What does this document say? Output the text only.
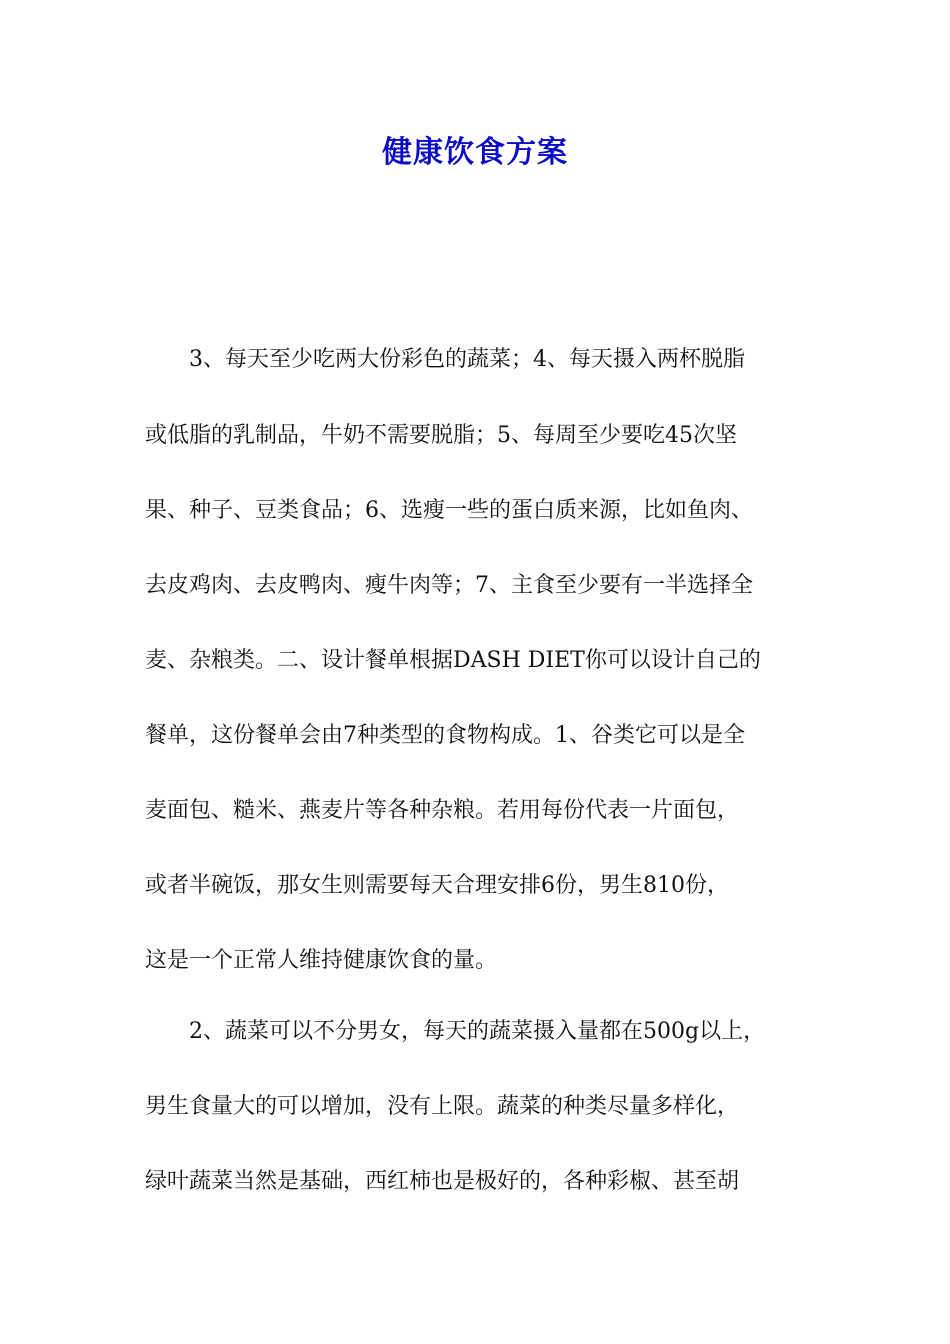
健康饮食方案
　　3、每天至少吃两大份彩色的蔬菜；4、每天摄入两杯脱脂
或低脂的乳制品，牛奶不需要脱脂；5、每周至少要吃45次坚
果、种子、豆类食品；6、选瘦一些的蛋白质来源，比如鱼肉、
去皮鸡肉、去皮鸭肉、瘦牛肉等；7、主食至少要有一半选择全
麦、杂粮类。二、设计餐单根据DASH DIET你可以设计自己的
餐单，这份餐单会由7种类型的食物构成。1、谷类它可以是全
麦面包、糙米、燕麦片等各种杂粮。若用每份代表一片面包，
或者半碗饭，那女生则需要每天合理安排6份，男生810份，
这是一个正常人维持健康饮食的量。
　　2、蔬菜可以不分男女，每天的蔬菜摄入量都在500g以上，
男生食量大的可以增加，没有上限。蔬菜的种类尽量多样化，
绿叶蔬菜当然是基础，西红柿也是极好的，各种彩椒、甚至胡
